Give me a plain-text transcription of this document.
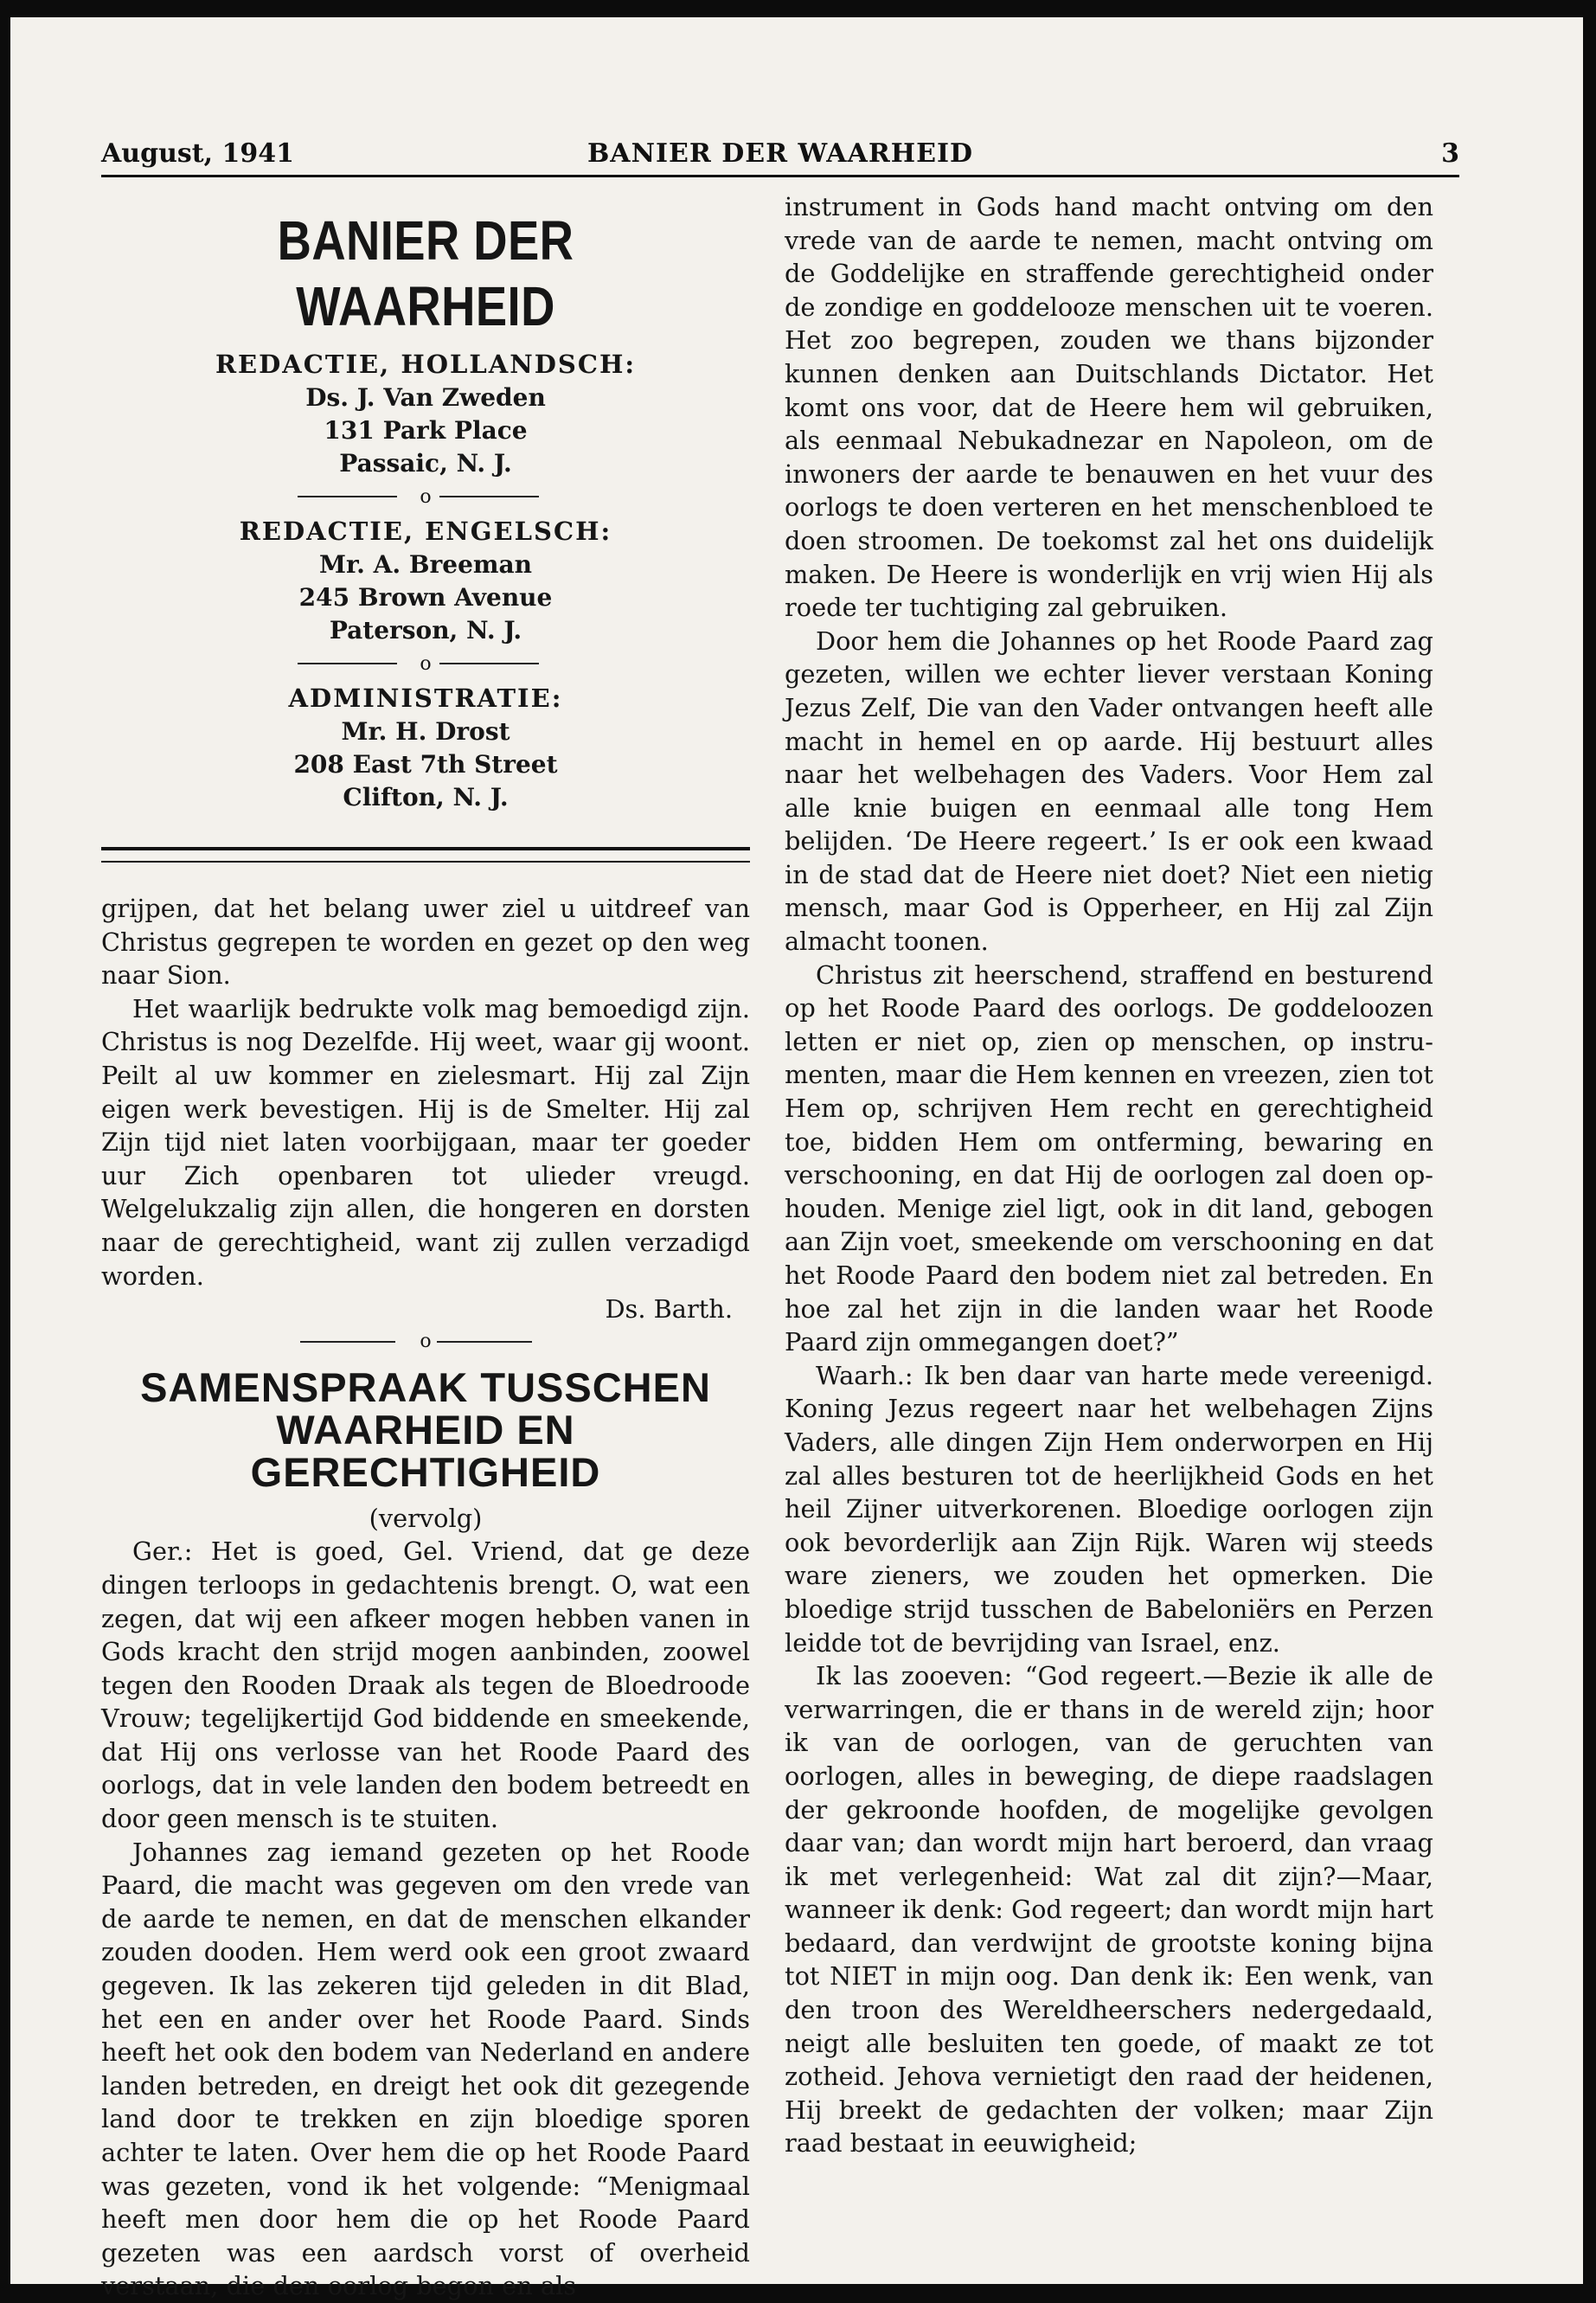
August, 1941	BANIER DER WAARHEID	3
BANIER DER WAARHEID
REDACTIE, HOLLANDSCH:
Ds. J. Van Zweden
131 Park Place
Passaic, N. J.
o
REDACTIE, ENGELSCH:
Mr. A. Breeman
245 Brown Avenue
Paterson, N. J.
o
ADMINISTRATIE:
Mr. H. Drost
208 East 7th Street
Clifton, N. J.

grijpen, dat het belang uwer ziel u uitdreef van Christus gegrepen te worden en gezet op den weg naar Sion.

Het waarlijk bedrukte volk mag bemoedigd zijn. Christus is nog Dezelfde. Hij weet, waar gij woont. Peilt al uw kommer en zielesmart. Hij zal Zijn eigen werk bevestigen. Hij is de Smelter. Hij zal Zijn tijd niet laten voorbijgaan, maar ter goeder uur Zich openbaren tot ulieder vreugd. Welgelukzalig zijn allen, die hongeren en dorsten naar de gerechtigheid, want zij zullen verzadigd worden.

Ds. Barth.
o
SAMENSPRAAK TUSSCHEN
WAARHEID EN GERECHTIGHEID
(vervolg)

Ger.: Het is goed, Gel. Vriend, dat ge deze dingen terloops in gedachtenis brengt. O, wat een zegen, dat wij een afkeer mogen hebben vanen in Gods kracht den strijd mogen aanbinden, zoowel tegen den Rooden Draak als tegen de Bloedroode Vrouw; tegelijkertijd God biddende en smeekende, dat Hij ons verlosse van het Roode Paard des oorlogs, dat in vele landen den bodem betreedt en door geen mensch is te stuiten.

Johannes zag iemand gezeten op het Roode Paard, die macht was gegeven om den vrede van de aarde te nemen, en dat de menschen elkander zouden dooden. Hem werd ook een groot zwaard gegeven. Ik las zekeren tijd geleden in dit Blad, het een en ander over het Roode Paard. Sinds heeft het ook den bodem van Nederland en andere landen betreden, en dreigt het ook dit gezegende land door te trekken en zijn bloedige sporen achter te laten. Over hem die op het Roode Paard was gezeten, vond ik het volgende: “Menigmaal heeft men door hem die op het Roode Paard gezeten was een aardsch vorst of overheid verstaan, die den oorlog begon en als

instrument in Gods hand macht ontving om den vrede van de aarde te nemen, macht ontving om de Goddelijke en straffende gerechtigheid onder de zondige en goddelooze menschen uit te voeren. Het zoo begrepen, zouden we thans bijzonder kunnen denken aan Duitschlands Dictator. Het komt ons voor, dat de Heere hem wil gebruiken, als eenmaal Nebukadnezar en Napoleon, om de inwoners der aarde te benauwen en het vuur des oorlogs te doen verteren en het menschenbloed te doen stroomen. De toekomst zal het ons duidelijk maken. De Heere is wonderlijk en vrij wien Hij als roede ter tuchtiging zal gebruiken.

Door hem die Johannes op het Roode Paard zag gezeten, willen we echter liever verstaan Koning Jezus Zelf, Die van den Vader ontvangen heeft alle macht in hemel en op aarde. Hij bestuurt alles naar het welbehagen des Vaders. Voor Hem zal alle knie buigen en eenmaal alle tong Hem belijden. ‘De Heere regeert.’ Is er ook een kwaad in de stad dat de Heere niet doet? Niet een nietig mensch, maar God is Opperheer, en Hij zal Zijn almacht toonen.

Christus zit heerschend, straffend en besturend op het Roode Paard des oorlogs. De goddeloozen letten er niet op, zien op menschen, op instrumenten, maar die Hem kennen en vreezen, zien tot Hem op, schrijven Hem recht en gerechtigheid toe, bidden Hem om ontferming, bewaring en verschooning, en dat Hij de oorlogen zal doen ophouden. Menige ziel ligt, ook in dit land, gebogen aan Zijn voet, smeekende om verschooning en dat het Roode Paard den bodem niet zal betreden. En hoe zal het zijn in die landen waar het Roode Paard zijn ommegangen doet?”

Waarh.: Ik ben daar van harte mede vereenigd. Koning Jezus regeert naar het welbehagen Zijns Vaders, alle dingen Zijn Hem onderworpen en Hij zal alles besturen tot de heerlijkheid Gods en het heil Zijner uitverkorenen. Bloedige oorlogen zijn ook bevorderlijk aan Zijn Rijk. Waren wij steeds ware zieners, we zouden het opmerken. Die bloedige strijd tusschen de Babeloniërs en Perzen leidde tot de bevrijding van Israel, enz.

Ik las zooeven: “God regeert.—Bezie ik alle de verwarringen, die er thans in de wereld zijn; hoor ik van de oorlogen, van de geruchten van oorlogen, alles in beweging, de diepe raadslagen der gekroonde hoofden, de mogelijke gevolgen daar van; dan wordt mijn hart beroerd, dan vraag ik met verlegenheid: Wat zal dit zijn?—Maar, wanneer ik denk: God regeert; dan wordt mijn hart bedaard, dan verdwijnt de grootste koning bijna tot NIET in mijn oog. Dan denk ik: Een wenk, van den troon des Wereldheerschers nedergedaald, neigt alle besluiten ten goede, of maakt ze tot zotheid. Jehova vernietigt den raad der heidenen, Hij breekt de gedachten der volken; maar Zijn raad bestaat in eeuwigheid;
